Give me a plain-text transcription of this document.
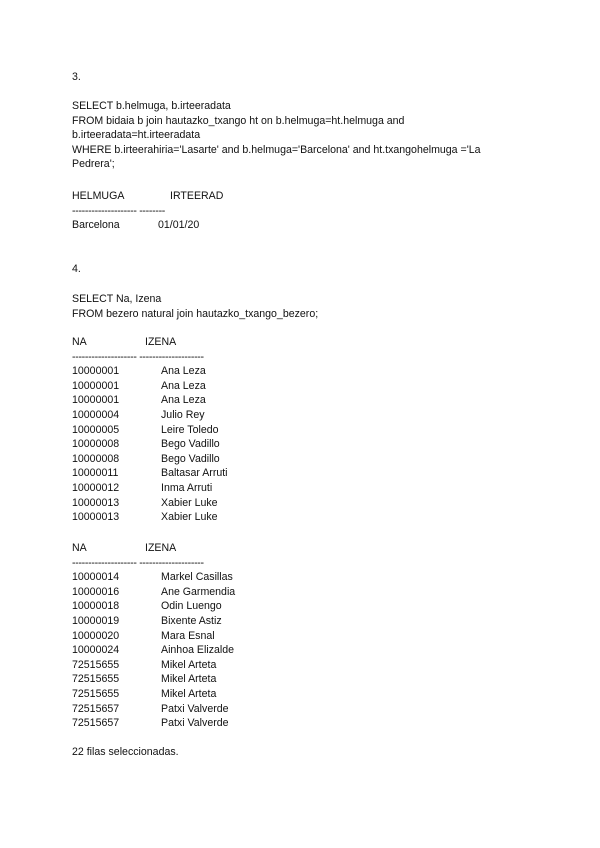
3.
SELECT b.helmuga, b.irteeradata
FROM bidaia b join hautazko_txango ht on b.helmuga=ht.helmuga and
b.irteeradata=ht.irteeradata
WHERE b.irteerahiria='Lasarte' and b.helmuga='Barcelona' and ht.txangohelmuga ='La
Pedrera';
HELMUGA	IRTEERAD
-------------------- --------
Barcelona	01/01/20
4.
SELECT Na, Izena
FROM bezero natural join hautazko_txango_bezero;
NA	IZENA
-------------------- --------------------
10000001	Ana Leza
10000001	Ana Leza
10000001	Ana Leza
10000004	Julio Rey
10000005	Leire Toledo
10000008	Bego Vadillo
10000008	Bego Vadillo
10000011	Baltasar Arruti
10000012	Inma Arruti
10000013	Xabier Luke
10000013	Xabier Luke
NA	IZENA
-------------------- --------------------
10000014	Markel Casillas
10000016	Ane Garmendia
10000018	Odin Luengo
10000019	Bixente Astiz
10000020	Mara Esnal
10000024	Ainhoa Elizalde
72515655	Mikel Arteta
72515655	Mikel Arteta
72515655	Mikel Arteta
72515657	Patxi Valverde
72515657	Patxi Valverde
22 filas seleccionadas.
